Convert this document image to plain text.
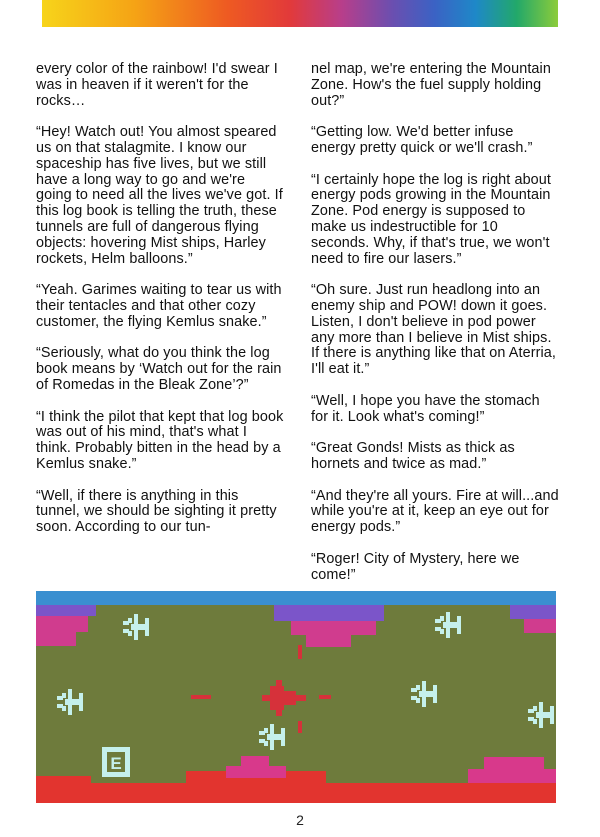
every color of the rainbow! I'd swear I was in heaven if it weren't for the rocks…

“Hey! Watch out! You almost speared us on that stalagmite. I know our spaceship has five lives, but we still have a long way to go and we're going to need all the lives we've got. If this log book is telling the truth, these tunnels are full of dangerous flying objects: hovering Mist ships, Harley rockets, Helm balloons.”

“Yeah. Garimes waiting to tear us with their tentacles and that other cozy customer, the flying Kemlus snake.”

“Seriously, what do you think the log book means by ‘Watch out for the rain of Romedas in the Bleak Zone’?”

“I think the pilot that kept that log book was out of his mind, that's what I think. Probably bitten in the head by a Kemlus snake.”

“Well, if there is anything in this tunnel, we should be sighting it pretty soon. According to our tun-

nel map, we're entering the Mountain Zone. How's the fuel supply holding out?”

“Getting low. We'd better infuse energy pretty quick or we'll crash.”

“I certainly hope the log is right about energy pods growing in the Mountain Zone. Pod energy is supposed to make us indestructible for 10 seconds. Why, if that's true, we won't need to fire our lasers.”

“Oh sure. Just run headlong into an enemy ship and POW! down it goes. Listen, I don't believe in pod power any more than I believe in Mist ships. If there is anything like that on Aterria, I'll eat it.”

“Well, I hope you have the stomach for it. Look what's coming!”

“Great Gonds! Mists as thick as hornets and twice as mad.”

“And they're all yours. Fire at will...and while you're at it, keep an eye out for energy pods.”

“Roger! City of Mystery, here we come!”

E
2
